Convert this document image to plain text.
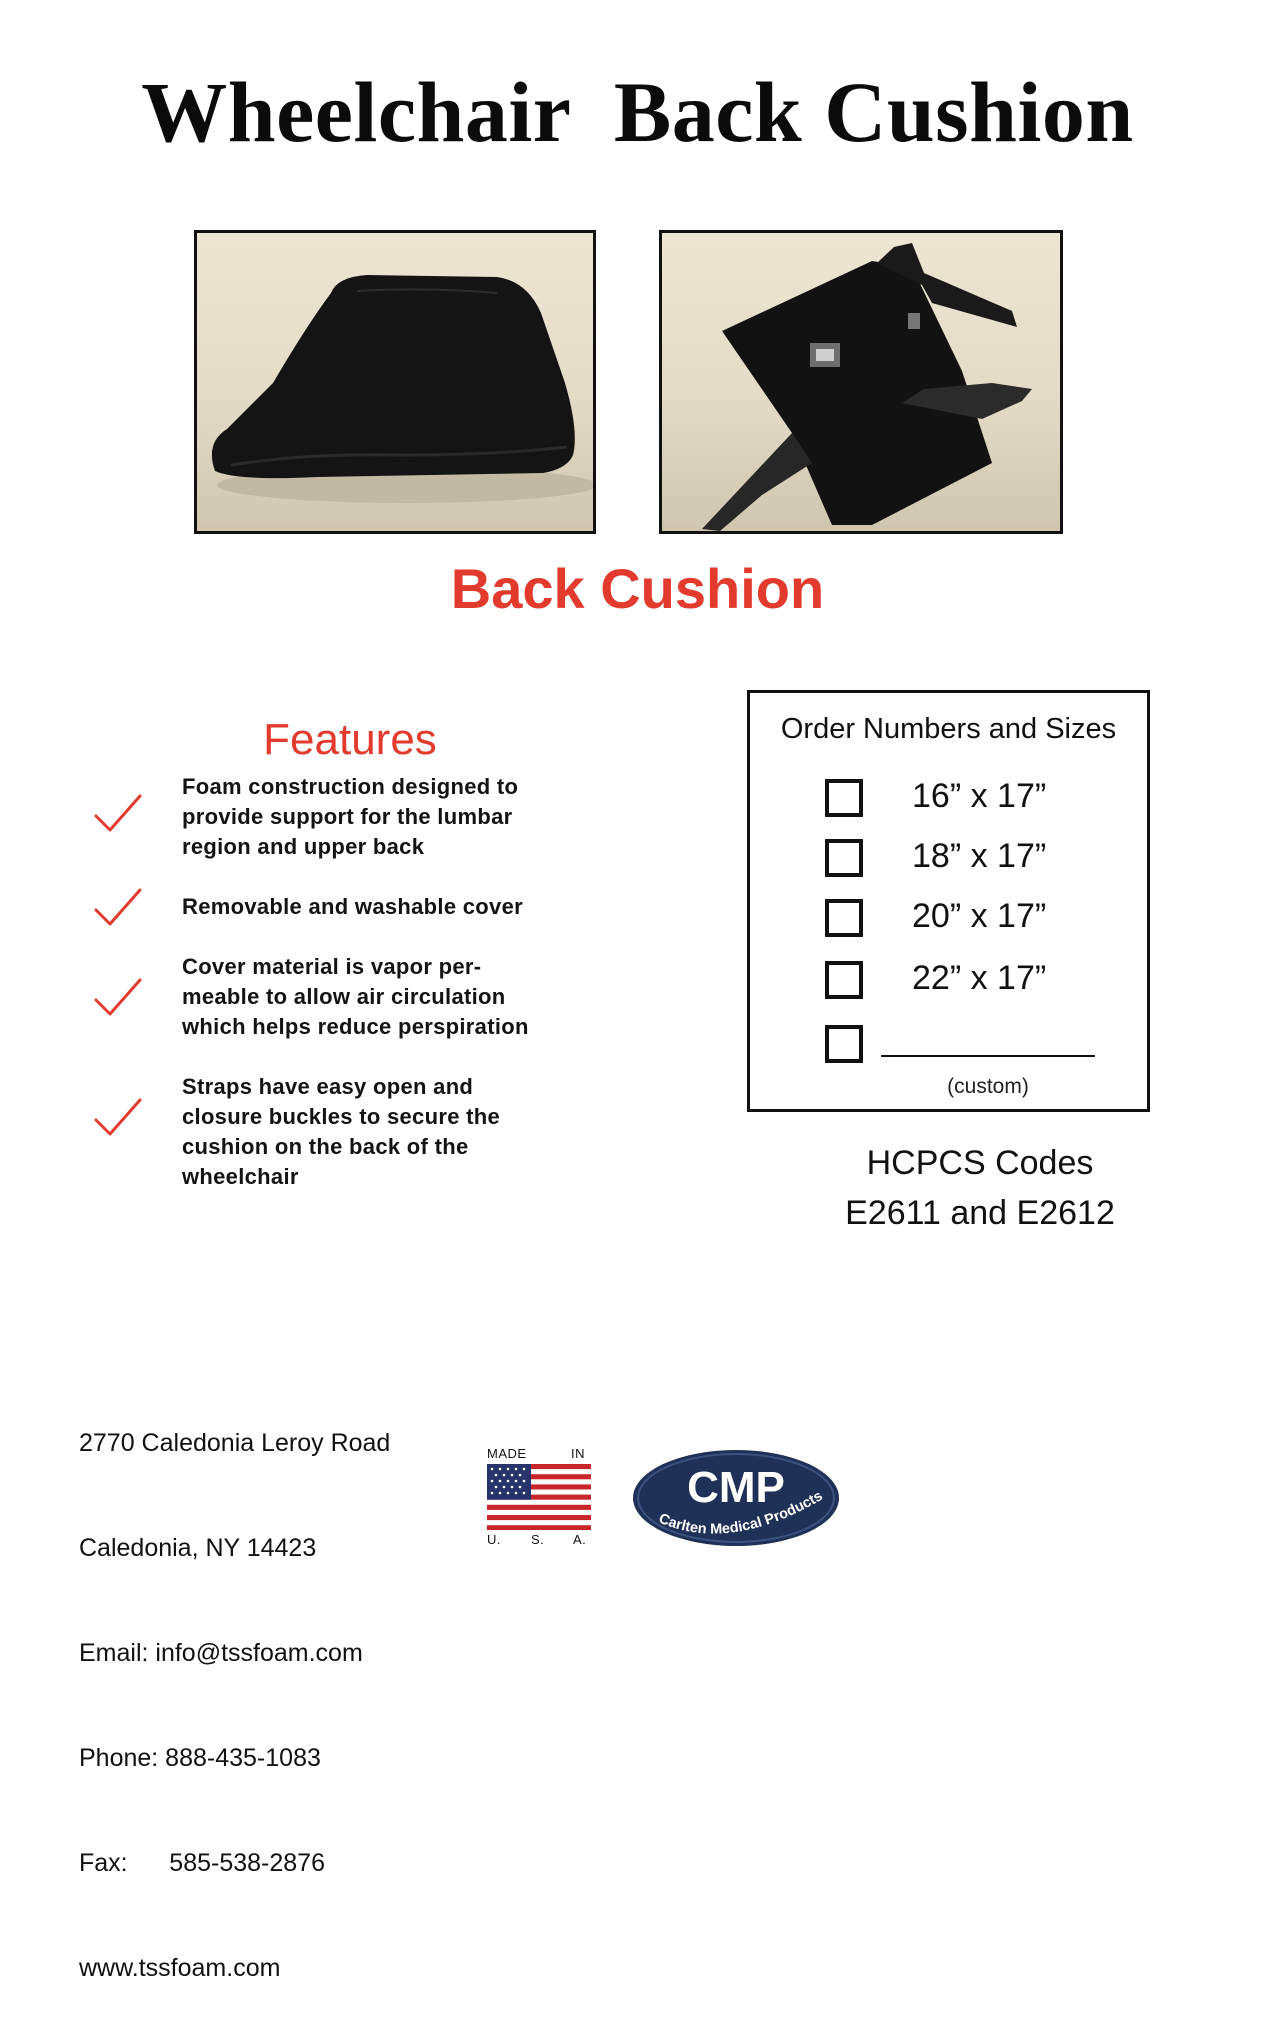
Wheelchair  Back Cushion
Back Cushion
Features
Foam construction designed to
provide support for the lumbar
region and upper back
Removable and washable cover
Cover material is vapor per-
meable to allow air circulation
which helps reduce perspiration
Straps have easy open and
closure buckles to secure the
cushion on the back of the
wheelchair
Order Numbers and Sizes
16” x 17”
18” x 17”
20” x 17”
22” x 17”
(custom)
HCPCS Codes
E2611 and E2612

2770 Caledonia Leroy Road

Caledonia, NY 14423

Email: info@tssfoam.com

Phone: 888-435-1083

Fax:      585-538-2876

www.tssfoam.com

MADE	IN
U. S. A.
CMP
Carlten Medical Products
